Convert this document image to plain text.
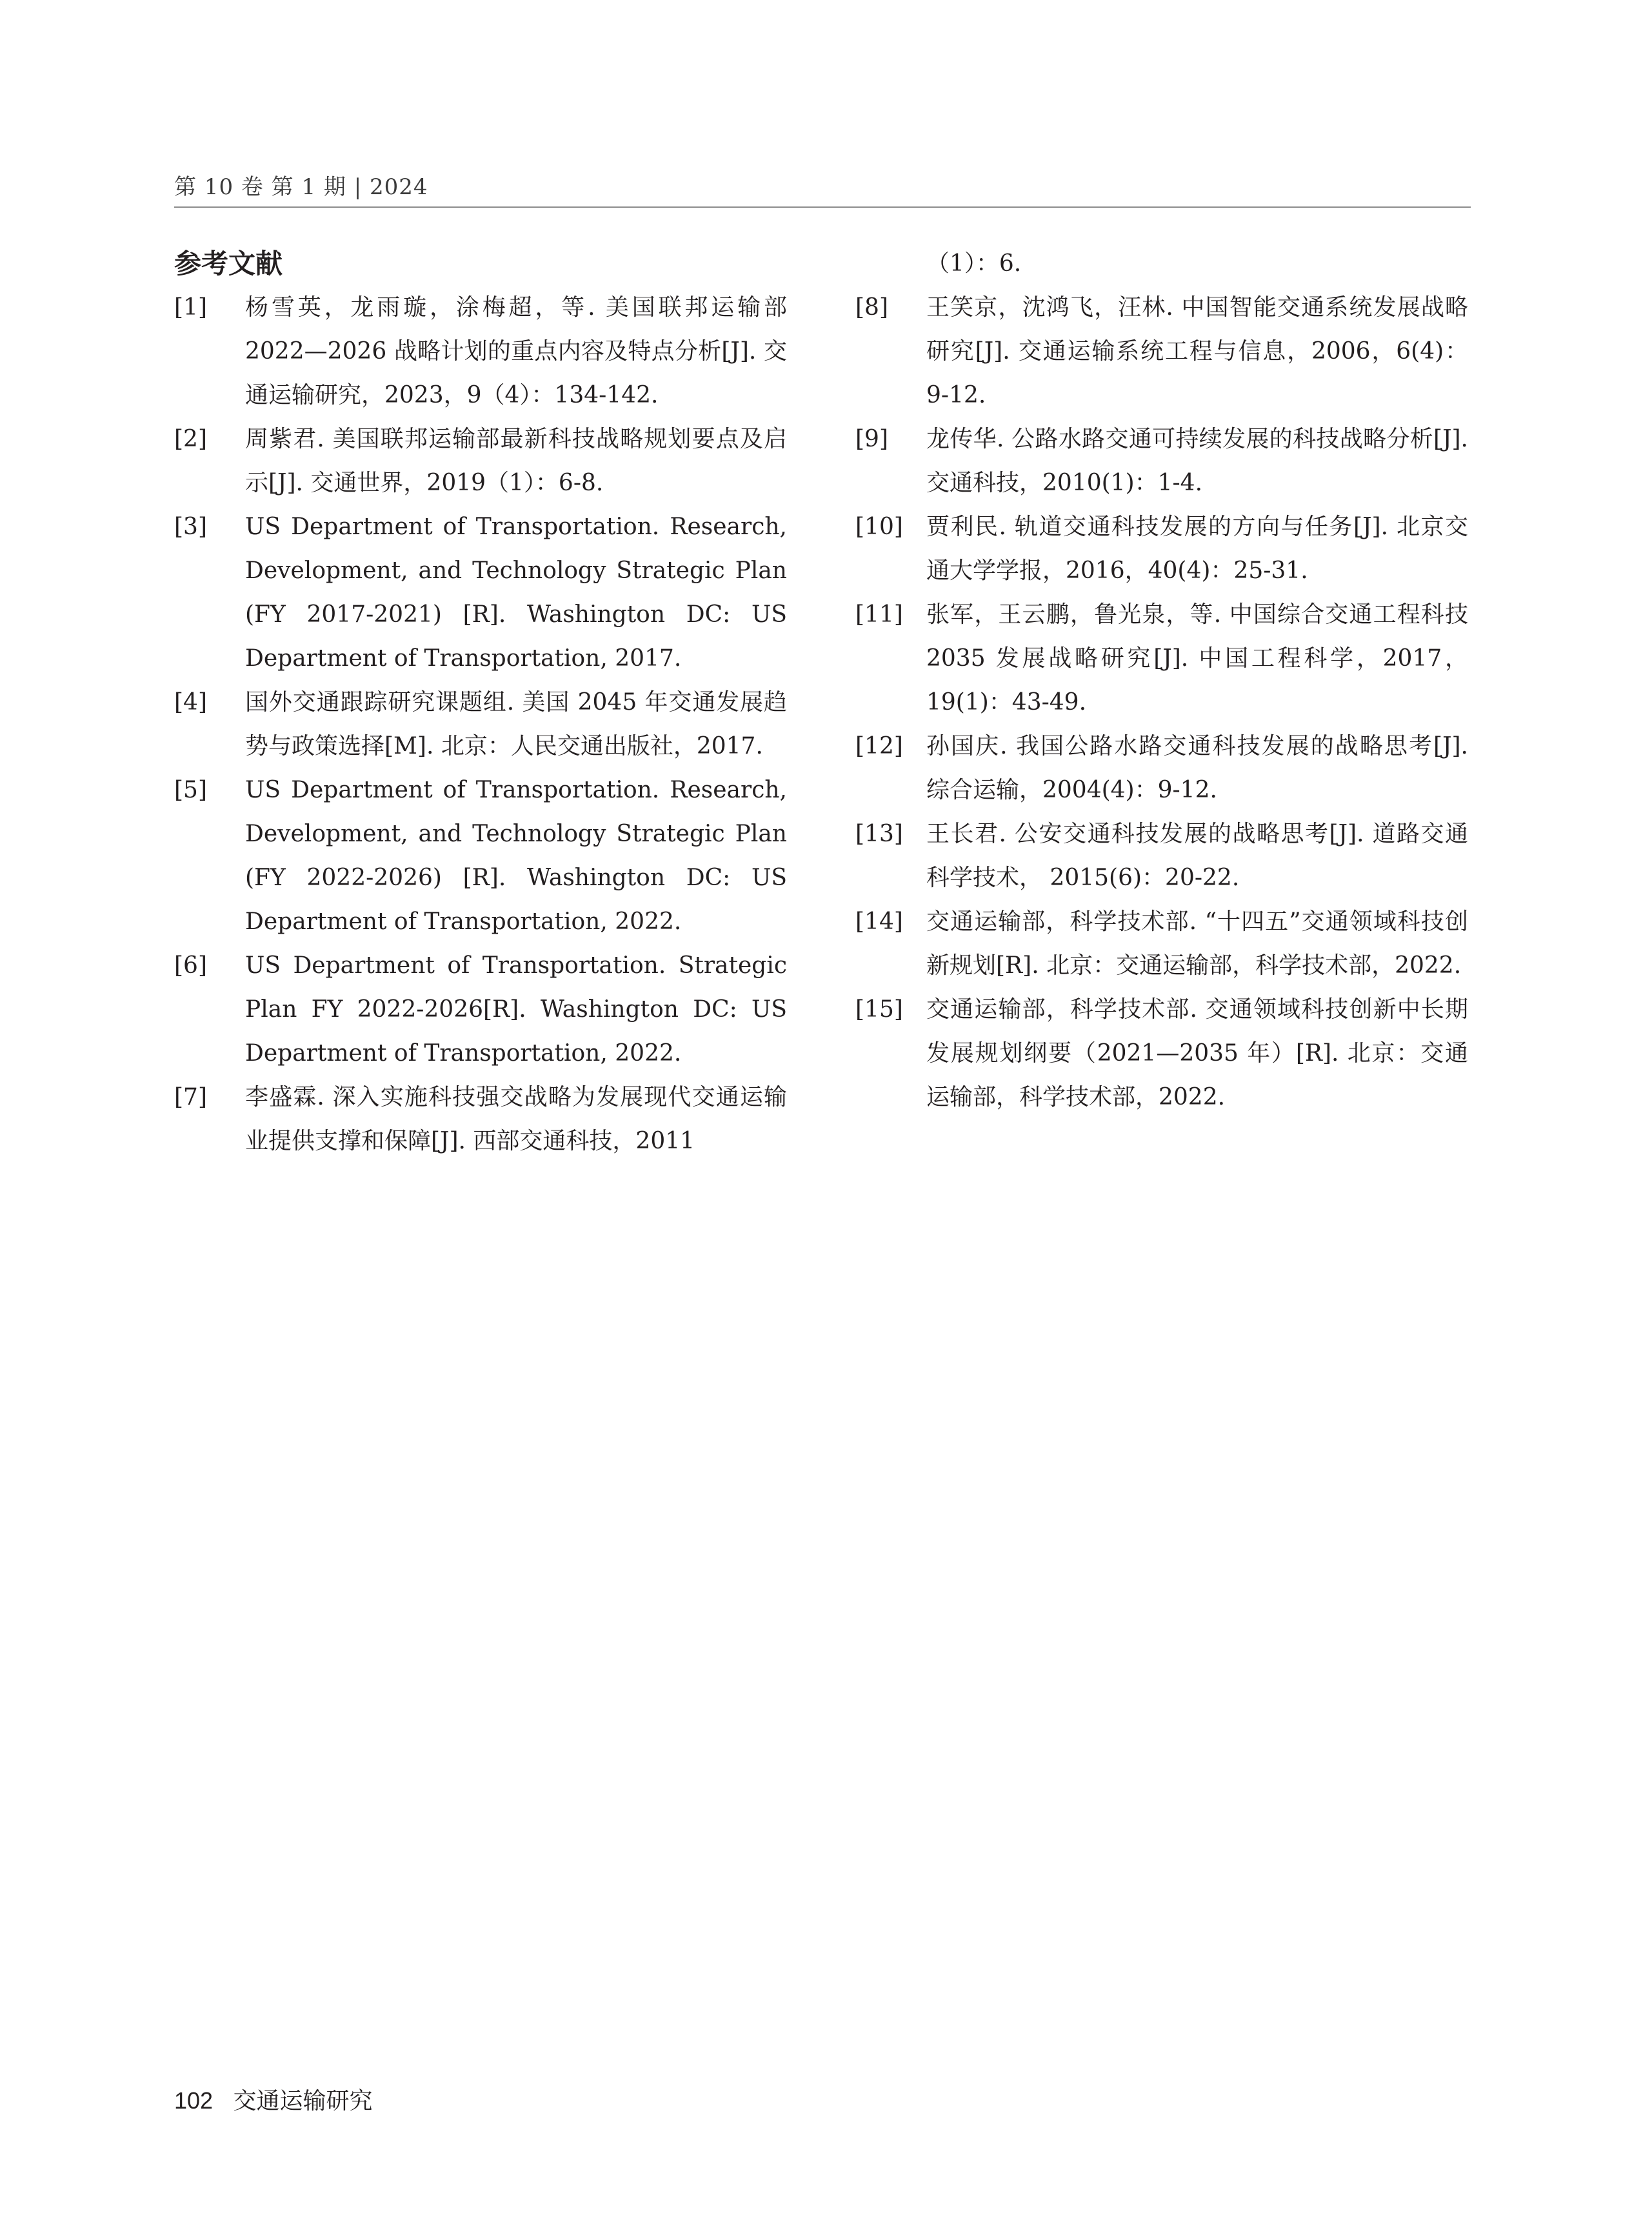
第 10 卷 第 1 期 | 2024
参考文献
[1]	杨雪英，龙雨璇，涂梅超，等. 美国联邦运输部 2022—2026 战略计划的重点内容及特点分析[J]. 交通运输研究，2023，9（4）：134-142.
[2]	周紫君. 美国联邦运输部最新科技战略规划要点及启示[J]. 交通世界，2019（1）：6-8.
[3]	US Department of Transportation. Research, Development, and Technology Strategic Plan (FY 2017-2021) [R]. Washington DC: US Department of Transportation, 2017.
[4]	国外交通跟踪研究课题组. 美国 2045 年交通发展趋势与政策选择[M]. 北京：人民交通出版社，2017.
[5]	US Department of Transportation. Research, Development, and Technology Strategic Plan (FY 2022-2026) [R]. Washington DC: US Department of Transportation, 2022.
[6]	US Department of Transportation. Strategic Plan FY 2022-2026[R]. Washington DC: US Department of Transportation, 2022.
[7]	李盛霖. 深入实施科技强交战略为发展现代交通运输业提供支撑和保障[J]. 西部交通科技，2011
（1）：6.
[8]	王笑京，沈鸿飞，汪林. 中国智能交通系统发展战略研究[J]. 交通运输系统工程与信息，2006，6(4)：9-12.
[9]	龙传华. 公路水路交通可持续发展的科技战略分析[J]. 交通科技，2010(1)：1-4.
[10]	贾利民. 轨道交通科技发展的方向与任务[J]. 北京交通大学学报，2016，40(4)：25-31.
[11]	张军，王云鹏，鲁光泉，等. 中国综合交通工程科技 2035 发展战略研究[J]. 中国工程科学，2017，19(1)：43-49.
[12]	孙国庆. 我国公路水路交通科技发展的战略思考[J]. 综合运输，2004(4)：9-12.
[13]	王长君. 公安交通科技发展的战略思考[J]. 道路交通科学技术， 2015(6)：20-22.
[14]	交通运输部，科学技术部. “十四五”交通领域科技创新规划[R]. 北京：交通运输部，科学技术部，2022.
[15]	交通运输部，科学技术部. 交通领域科技创新中长期发展规划纲要（2021—2035 年）[R]. 北京：交通运输部，科学技术部，2022.
102 交通运输研究
